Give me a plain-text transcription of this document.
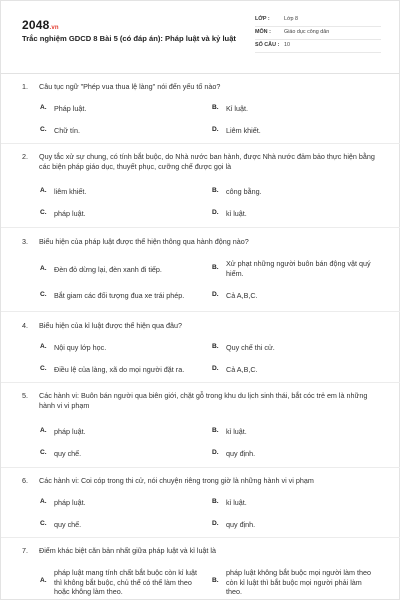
2048.vn
Trắc nghiệm GDCD 8 Bài 5 (có đáp án): Pháp luật và kỷ luật
LỚP :	Lớp 8
MÔN :	Giáo dục công dân
SỐ CÂU : 10
1. Câu tục ngữ "Phép vua thua lệ làng" nói đến yếu tố nào?
A.	Pháp luật.	B.	Kỉ luật.
C.	Chữ tín.	D.	Liêm khiết.
2. Quy tắc xử sự chung, có tính bắt buộc, do Nhà nước ban hành, được Nhà nước đảm bảo thực hiện bằng các biện pháp giáo dục, thuyết phục, cưỡng chế được gọi là
A.	liêm khiết.	B.	công bằng.
C.	pháp luật.	D.	kỉ luật.
3. Biểu hiện của pháp luật được thể hiện thông qua hành động nào?
A.	Đèn đỏ dừng lại, đèn xanh đi tiếp.	B.	Xử phạt những người buôn bán động vật quý hiếm.
C.	Bắt giam các đối tượng đua xe trái phép.	D.	Cả A,B,C.
4. Biểu hiện của kỉ luật được thể hiện qua đâu?
A.	Nội quy lớp học.	B.	Quy chế thi cử.
C.	Điều lệ của làng, xã do mọi người đặt ra.	D.	Cả A,B,C.
5. Các hành vi: Buôn bán người qua biên giới, chặt gỗ trong khu du lịch sinh thái, bắt cóc trẻ em là những hành vi vi phạm
A.	pháp luật.	B.	kỉ luật.
C.	quy chế.	D.	quy định.
6. Các hành vi: Coi cóp trong thi cử, nói chuyện riêng trong giờ là những hành vi vi phạm
A.	pháp luật.	B.	kỉ luật.
C.	quy chế.	D.	quy định.
7. Điểm khác biệt căn bản nhất giữa pháp luật và kỉ luật là
A.
pháp luật mang tính chất bắt buộc còn kỉ luật thì không bắt buộc, chủ thể có thể làm theo hoặc không làm theo.
B.
pháp luật không bắt buộc mọi người làm theo còn kỉ luật thì bắt buộc mọi người phải làm theo.
